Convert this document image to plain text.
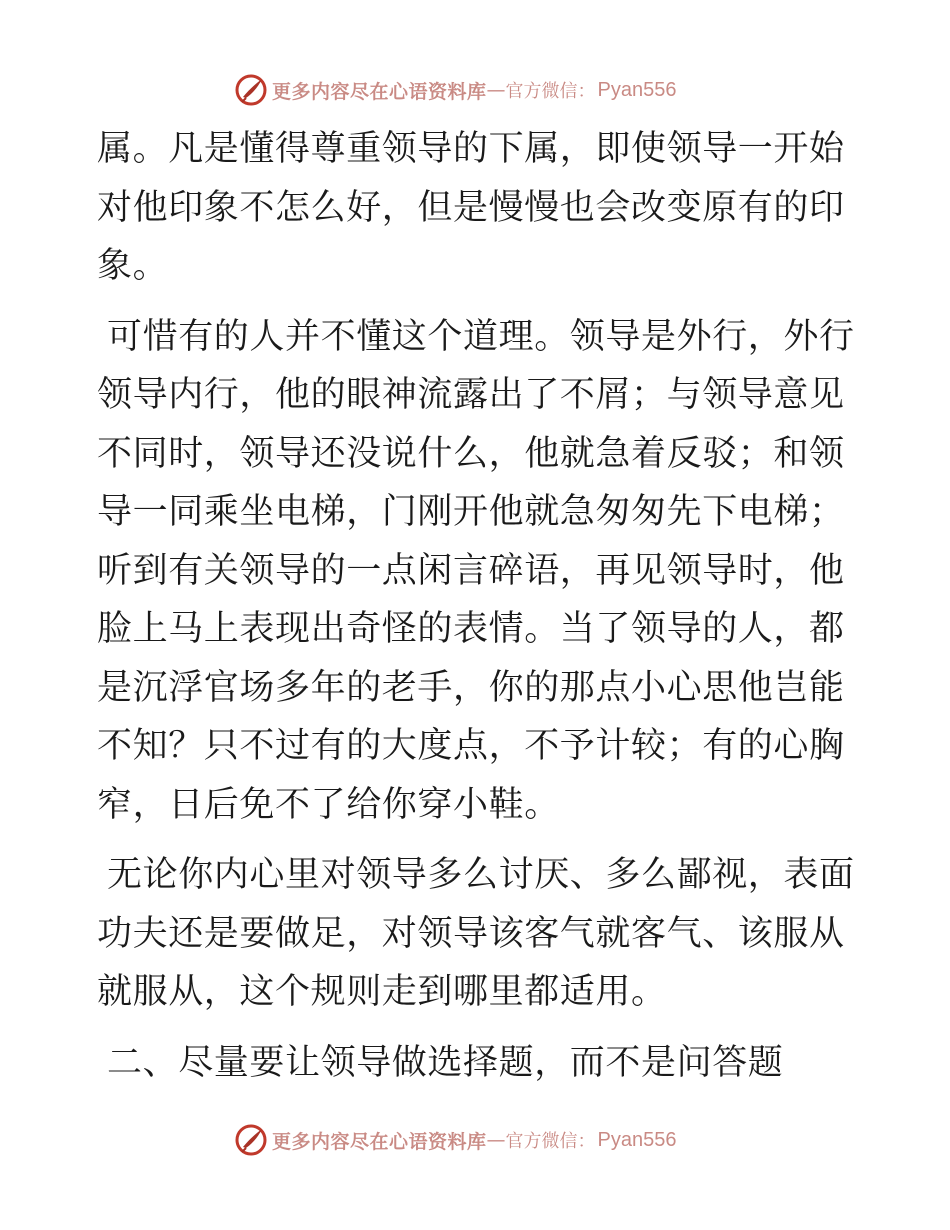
更多内容尽在心语资料库 — 官方微信： Pyan556

属。凡是懂得尊重领导的下属，即使领导一开始对他印象不怎么好，但是慢慢也会改变原有的印象。

可惜有的人并不懂这个道理。领导是外行，外行领导内行，他的眼神流露出了不屑；与领导意见不同时，领导还没说什么，他就急着反驳；和领导一同乘坐电梯，门刚开他就急匆匆先下电梯；听到有关领导的一点闲言碎语，再见领导时，他脸上马上表现出奇怪的表情。当了领导的人，都是沉浮官场多年的老手，你的那点小心思他岂能不知？只不过有的大度点，不予计较；有的心胸窄，日后免不了给你穿小鞋。

无论你内心里对领导多么讨厌、多么鄙视，表面功夫还是要做足，对领导该客气就客气、该服从就服从，这个规则走到哪里都适用。

二、尽量要让领导做选择题，而不是问答题

更多内容尽在心语资料库 — 官方微信： Pyan556
